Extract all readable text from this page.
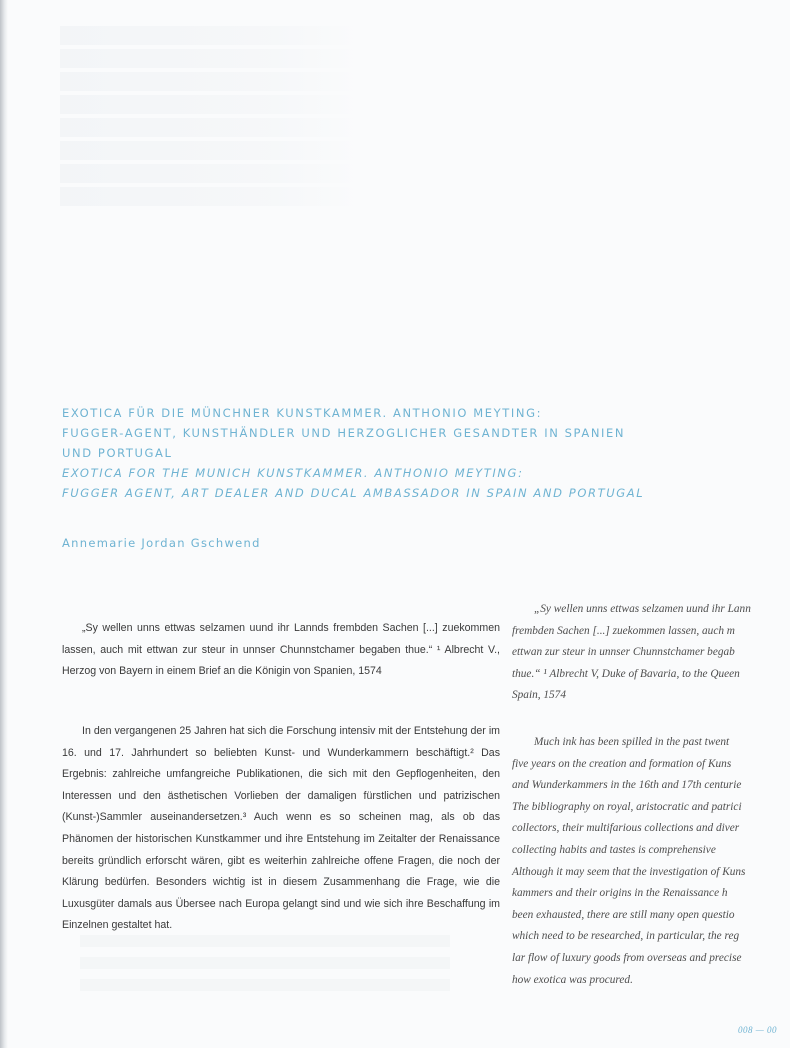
EXOTICA FÜR DIE MÜNCHNER KUNSTKAMMER. ANTHONIO MEYTING:
FUGGER-AGENT, KUNSTHÄNDLER UND HERZOGLICHER GESANDTER IN SPANIEN
UND PORTUGAL
EXOTICA FOR THE MUNICH KUNSTKAMMER. ANTHONIO MEYTING:
FUGGER AGENT, ART DEALER AND DUCAL AMBASSADOR IN SPAIN AND PORTUGAL
Annemarie Jordan Gschwend

„Sy wellen unns ettwas selzamen uund ihr Lannds frembden Sachen [...] zuekommen lassen, auch mit ettwan zur steur in unnser Chunnstchamer begaben thue.“ ¹ Albrecht V., Herzog von Bayern in einem Brief an die Königin von Spanien, 1574

In den vergangenen 25 Jahren hat sich die Forschung intensiv mit der Entstehung der im 16. und 17. Jahrhundert so beliebten Kunst- und Wunderkammern beschäftigt.² Das Ergebnis: zahlreiche umfangreiche Publikationen, die sich mit den Gepflogenheiten, den Interessen und den ästhetischen Vorlieben der damaligen fürstlichen und patrizischen (Kunst-)Sammler auseinandersetzen.³ Auch wenn es so scheinen mag, als ob das Phänomen der historischen Kunstkammer und ihre Entstehung im Zeitalter der Renaissance bereits gründlich erforscht wären, gibt es weiterhin zahlreiche offene Fragen, die noch der Klärung bedürfen. Besonders wichtig ist in diesem Zusammenhang die Frage, wie die Luxusgüter damals aus Übersee nach Europa gelangt sind und wie sich ihre Beschaffung im Einzelnen gestaltet hat.

„Sy wellen unns ettwas selzamen uund ihr Lann
frembden Sachen [...] zuekommen lassen, auch m
ettwan zur steur in unnser Chunnstchamer begab
thue.“ ¹ Albrecht V, Duke of Bavaria, to the Queen
Spain, 1574
Much ink has been spilled in the past twent
five years on the creation and formation of Kuns
and Wunderkammers in the 16th and 17th centurie
The bibliography on royal, aristocratic and patrici
collectors, their multifarious collections and diver
collecting habits and tastes is comprehensive
Although it may seem that the investigation of Kuns
kammers and their origins in the Renaissance h
been exhausted, there are still many open questio
which need to be researched, in particular, the reg
lar flow of luxury goods from overseas and precise
how exotica was procured.
008 — 00
